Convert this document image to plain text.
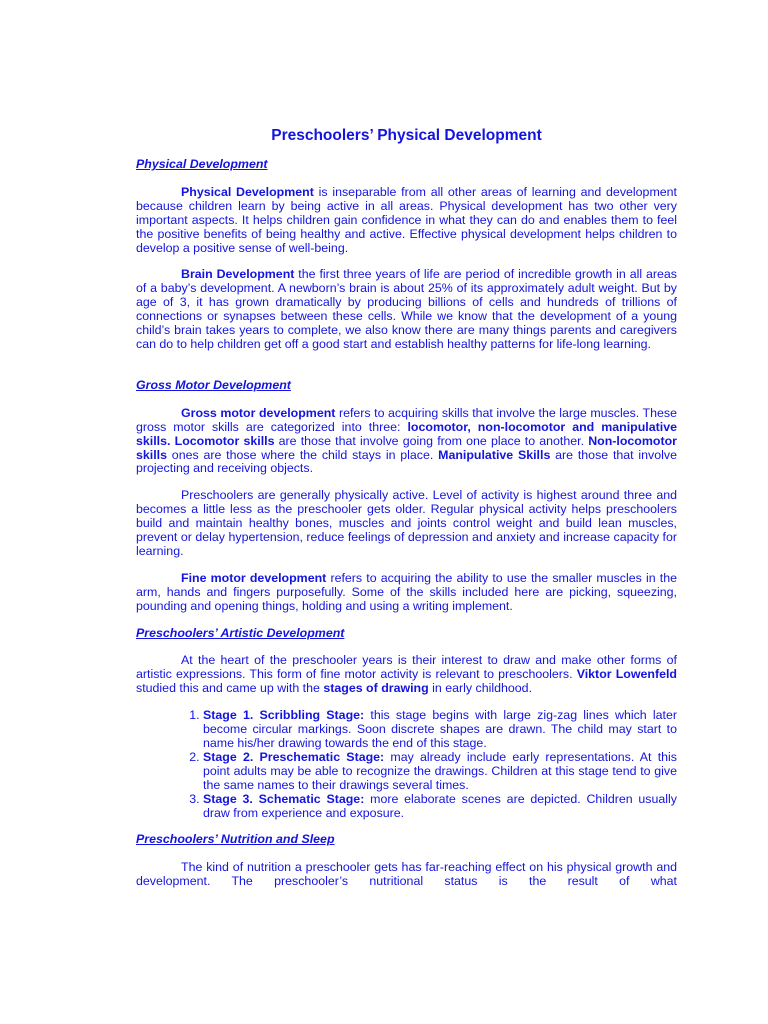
Preschoolers’ Physical Development
Physical Development

Physical Development is inseparable from all other areas of learning and development because children learn by being active in all areas. Physical development has two other very important aspects. It helps children gain confidence in what they can do and enables them to feel the positive benefits of being healthy and active. Effective physical development helps children to develop a positive sense of well-being.

Brain Development the first three years of life are period of incredible growth in all areas of a baby’s development. A newborn’s brain is about 25% of its approximately adult weight. But by age of 3, it has grown dramatically by producing billions of cells and hundreds of trillions of connections or synapses between these cells. While we know that the development of a young child’s brain takes years to complete, we also know there are many things parents and caregivers can do to help children get off a good start and establish healthy patterns for life-long learning.

Gross Motor Development

Gross motor development refers to acquiring skills that involve the large muscles. These gross motor skills are categorized into three: locomotor, non-locomotor and manipulative skills. Locomotor skills are those that involve going from one place to another. Non-locomotor skills ones are those where the child stays in place. Manipulative Skills are those that involve projecting and receiving objects.

Preschoolers are generally physically active. Level of activity is highest around three and becomes a little less as the preschooler gets older. Regular physical activity helps preschoolers build and maintain healthy bones, muscles and joints control weight and build lean muscles, prevent or delay hypertension, reduce feelings of depression and anxiety and increase capacity for learning.

Fine motor development refers to acquiring the ability to use the smaller muscles in the arm, hands and fingers purposefully. Some of the skills included here are picking, squeezing, pounding and opening things, holding and using a writing implement.

Preschoolers’ Artistic Development

At the heart of the preschooler years is their interest to draw and make other forms of artistic expressions. This form of fine motor activity is relevant to preschoolers. Viktor Lowenfeld studied this and came up with the stages of drawing in early childhood.

1. Stage 1. Scribbling Stage: this stage begins with large zig-zag lines which later become circular markings. Soon discrete shapes are drawn. The child may start to name his/her drawing towards the end of this stage.
2. Stage 2. Preschematic Stage: may already include early representations. At this point adults may be able to recognize the drawings. Children at this stage tend to give the same names to their drawings several times.
3. Stage 3. Schematic Stage: more elaborate scenes are depicted. Children usually draw from experience and exposure.
Preschoolers’ Nutrition and Sleep

The kind of nutrition a preschooler gets has far-reaching effect on his physical growth and development. The preschooler’s nutritional status is the result of what
